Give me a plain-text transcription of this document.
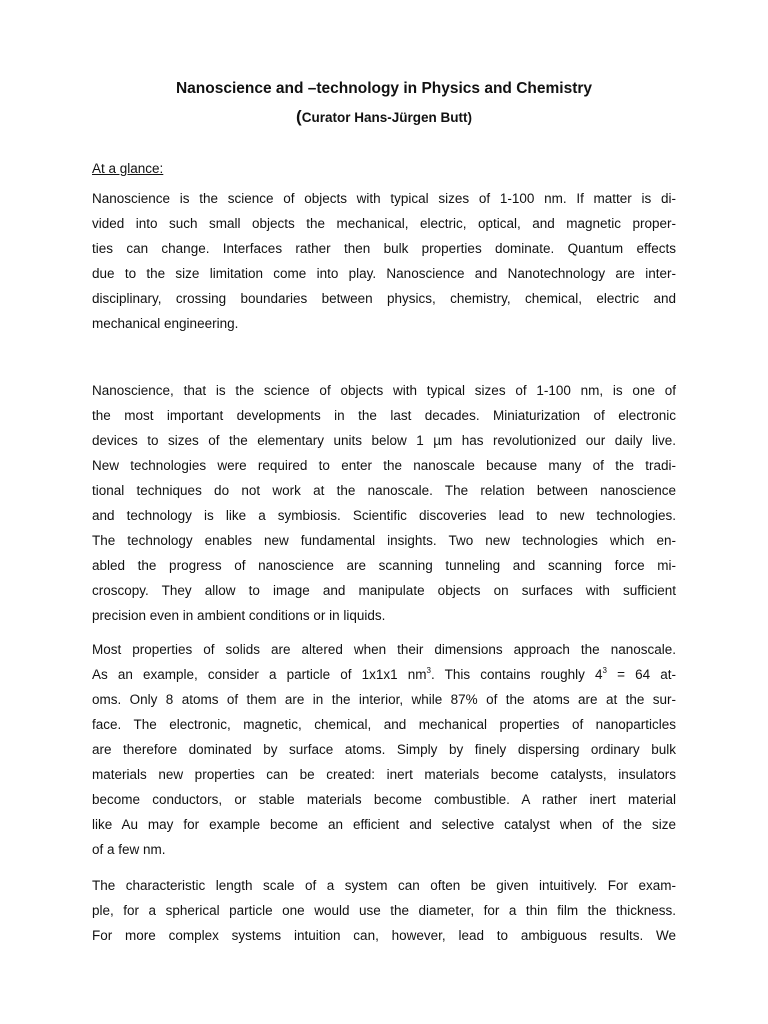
Nanoscience and –technology in Physics and Chemistry
(Curator Hans-Jürgen Butt)
At a glance:

Nanoscience is the science of objects with typical sizes of 1-100 nm. If matter is di-
vided into such small objects the mechanical, electric, optical, and magnetic proper-
ties can change. Interfaces rather then bulk properties dominate. Quantum effects
due to the size limitation come into play. Nanoscience and Nanotechnology are inter-
disciplinary, crossing boundaries between physics, chemistry, chemical, electric and
mechanical engineering.

Nanoscience, that is the science of objects with typical sizes of 1-100 nm, is one of
the most important developments in the last decades. Miniaturization of electronic
devices to sizes of the elementary units below 1 µm has revolutionized our daily live.
New technologies were required to enter the nanoscale because many of the tradi-
tional techniques do not work at the nanoscale. The relation between nanoscience
and technology is like a symbiosis. Scientific discoveries lead to new technologies.
The technology enables new fundamental insights. Two new technologies which en-
abled the progress of nanoscience are scanning tunneling and scanning force mi-
croscopy. They allow to image and manipulate objects on surfaces with sufficient
precision even in ambient conditions or in liquids.

Most properties of solids are altered when their dimensions approach the nanoscale.
As an example, consider a particle of 1x1x1 $nm^3$. This contains roughly $4^3 = 64$ at-
oms. Only 8 atoms of them are in the interior, while 87% of the atoms are at the sur-
face. The electronic, magnetic, chemical, and mechanical properties of nanoparticles
are therefore dominated by surface atoms. Simply by finely dispersing ordinary bulk
materials new properties can be created: inert materials become catalysts, insulators
become conductors, or stable materials become combustible. A rather inert material
like Au may for example become an efficient and selective catalyst when of the size
of a few nm.

The characteristic length scale of a system can often be given intuitively. For exam-
ple, for a spherical particle one would use the diameter, for a thin film the thickness.
For more complex systems intuition can, however, lead to ambiguous results. We
